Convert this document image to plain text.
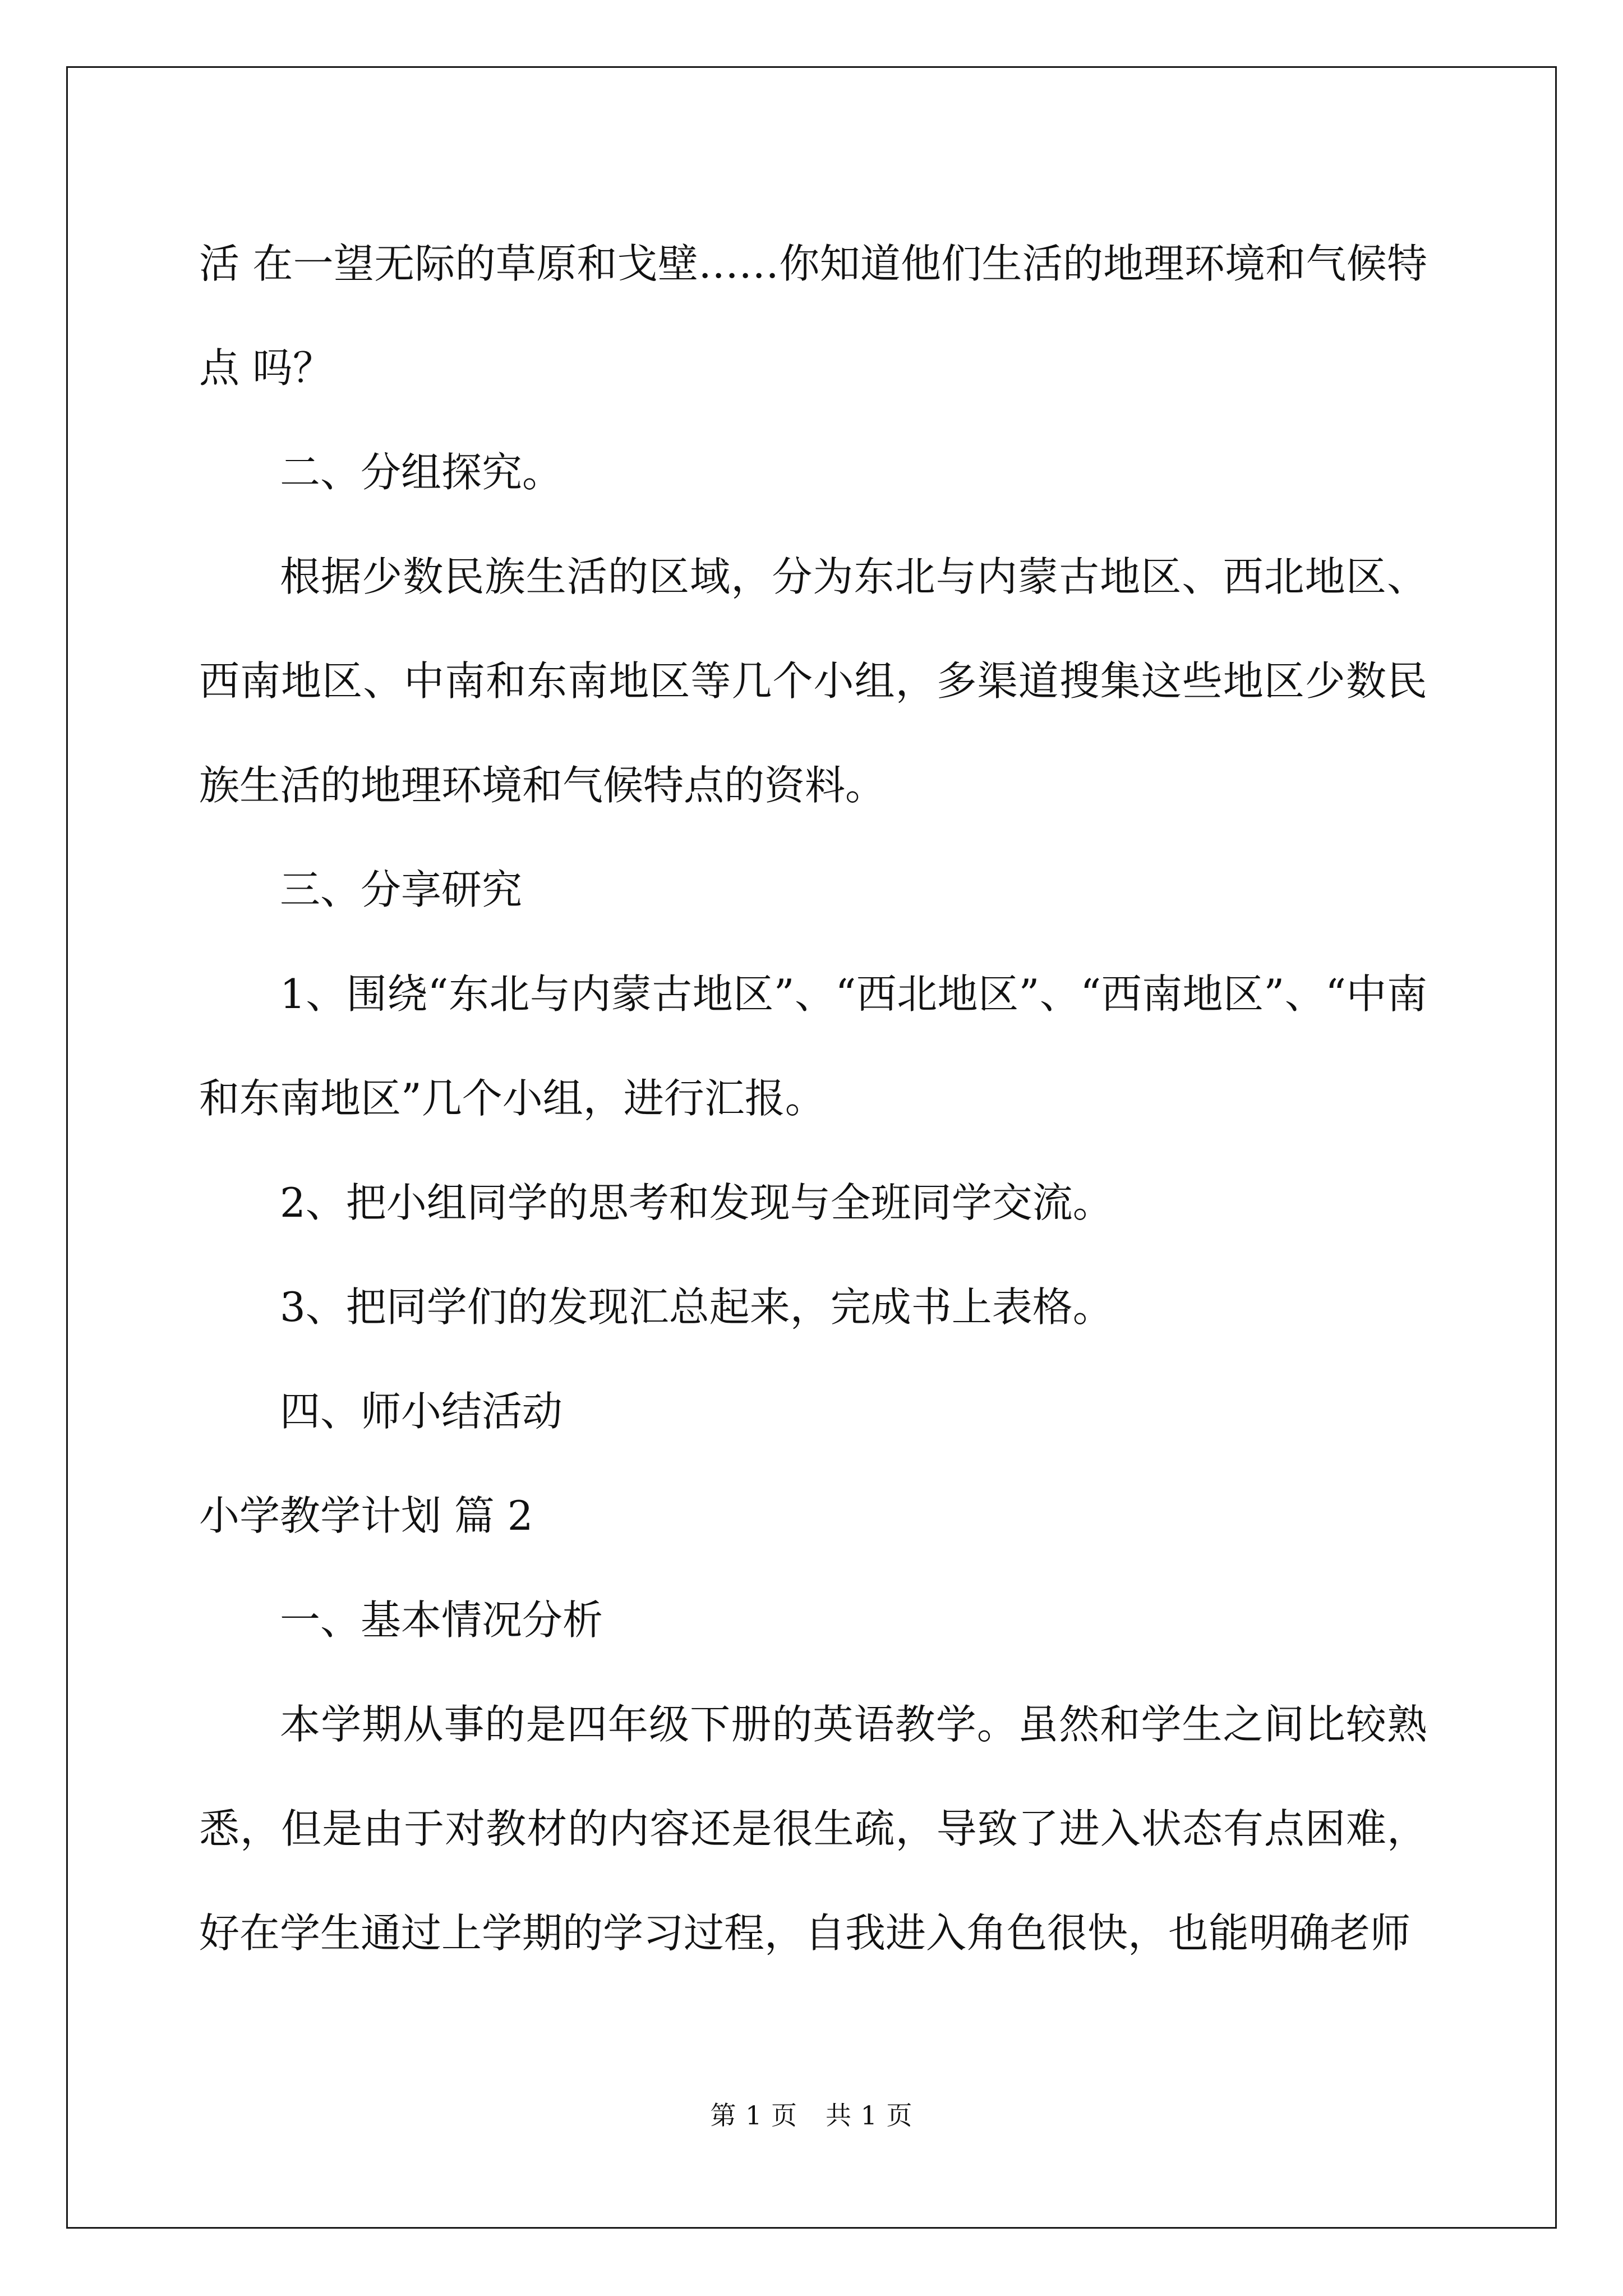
活 在一望无际的草原和戈壁……你知道他们生活的地理环境和气候特点 吗？

二、分组探究。

根据少数民族生活的区域，分为东北与内蒙古地区、西北地区、西南地区、中南和东南地区等几个小组，多渠道搜集这些地区少数民族生活的地理环境和气候特点的资料。

三、分享研究

1、围绕“东北与内蒙古地区”、“西北地区”、“西南地区”、“中南和东南地区”几个小组，进行汇报。

2、把小组同学的思考和发现与全班同学交流。

3、把同学们的发现汇总起来，完成书上表格。

四、师小结活动

小学教学计划 篇 2

一、基本情况分析

本学期从事的是四年级下册的英语教学。虽然和学生之间比较熟悉，但是由于对教材的内容还是很生疏，导致了进入状态有点困难，好在学生通过上学期的学习过程，自我进入角色很快，也能明确老师

第 1 页 共 1 页
